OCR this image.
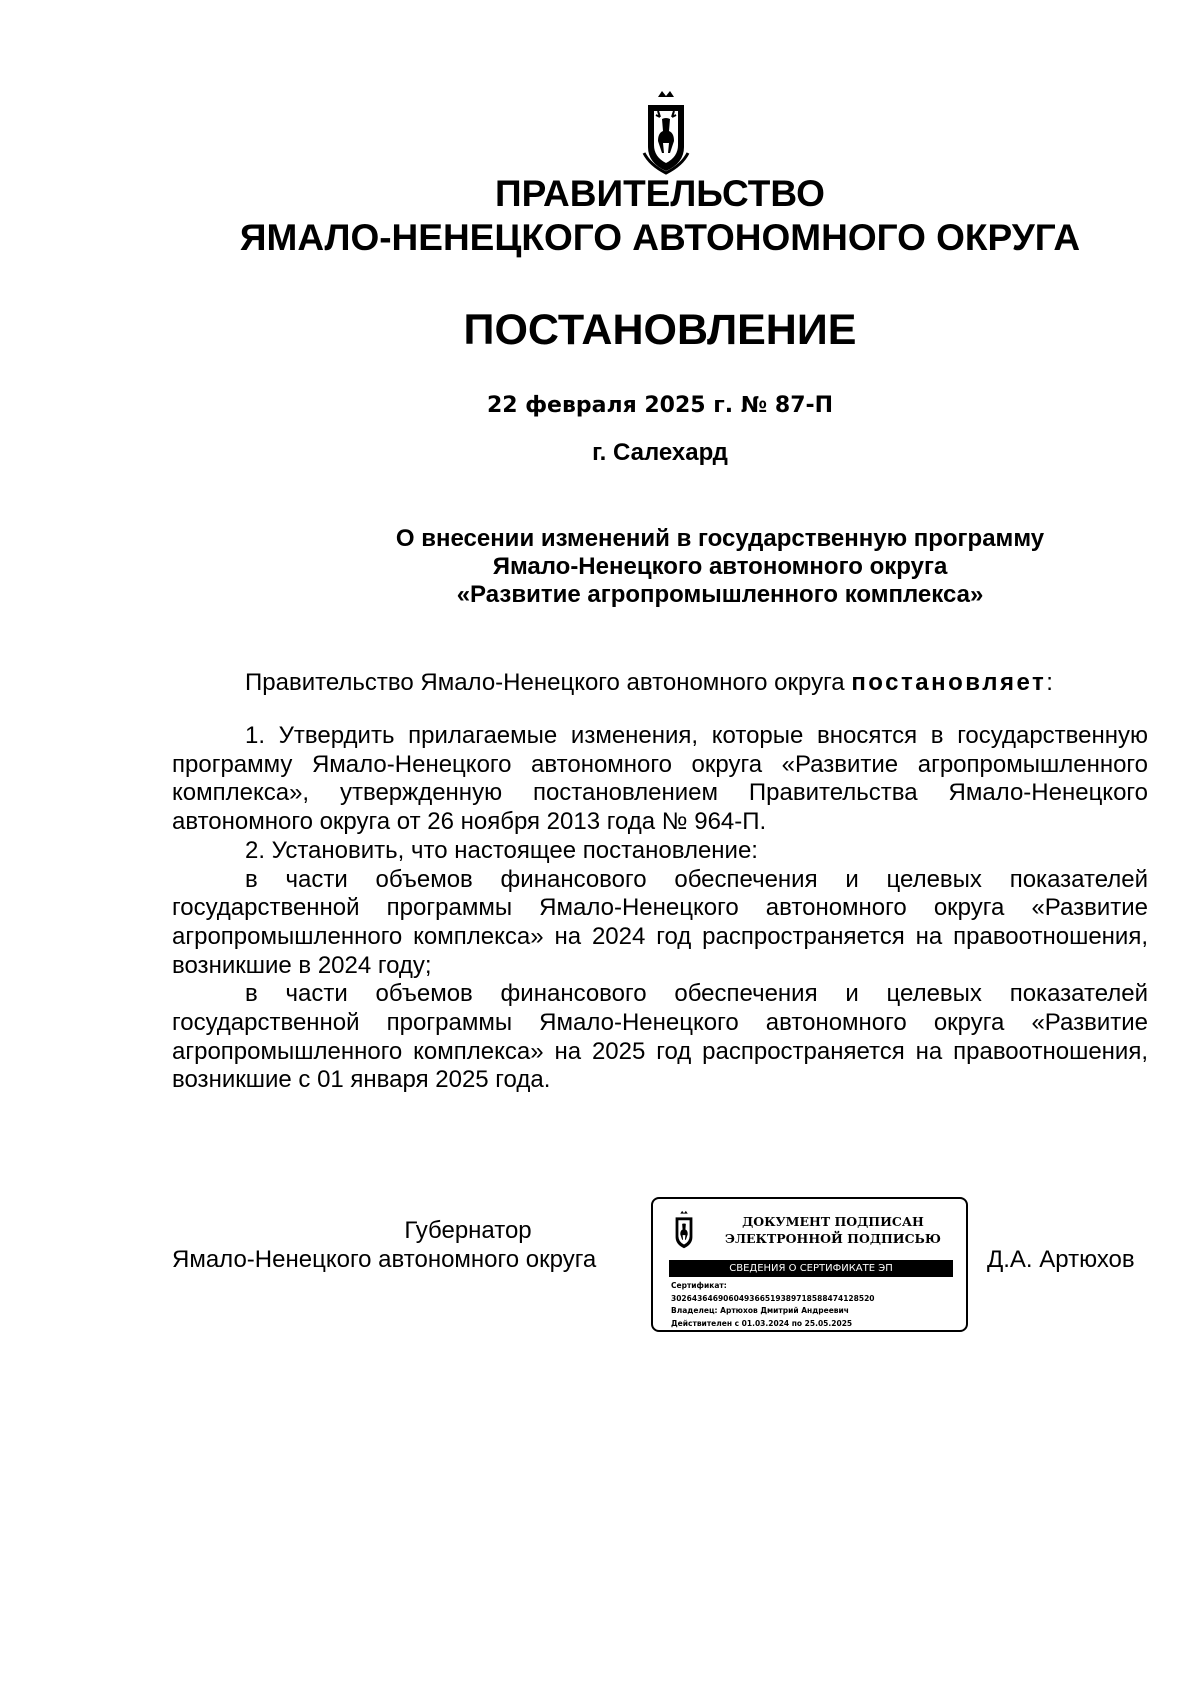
ПРАВИТЕЛЬСТВО
ЯМАЛО-НЕНЕЦКОГО АВТОНОМНОГО ОКРУГА
ПОСТАНОВЛЕНИЕ
22 февраля 2025 г. № 87-П
г. Салехард
О внесении изменений в государственную программу
Ямало-Ненецкого автономного округа
«Развитие агропромышленного комплекса»
Правительство Ямало-Ненецкого автономного округа постановляет:

1. Утвердить прилагаемые изменения, которые вносятся в государственную программу Ямало-Ненецкого автономного округа «Развитие агропромышленного комплекса», утвержденную постановлением Правительства Ямало-Ненецкого автономного округа от 26 ноября 2013 года № 964-П.

2. Установить, что настоящее постановление:

в части объемов финансового обеспечения и целевых показателей государственной программы Ямало-Ненецкого автономного округа «Развитие агропромышленного комплекса» на 2024 год распространяется на правоотношения, возникшие в 2024 году;

в части объемов финансового обеспечения и целевых показателей государственной программы Ямало-Ненецкого автономного округа «Развитие агропромышленного комплекса» на 2025 год распространяется на правоотношения, возникшие с 01 января 2025 года.

Губернатор
Ямало-Ненецкого автономного округа
ДОКУМЕНТ ПОДПИСАН
ЭЛЕКТРОННОЙ ПОДПИСЬЮ
СВЕДЕНИЯ О СЕРТИФИКАТЕ ЭП
Сертификат:
302643646906049366519389718588474128520
Владелец: Артюхов Дмитрий Андреевич
Действителен с 01.03.2024 по 25.05.2025
Д.А. Артюхов
